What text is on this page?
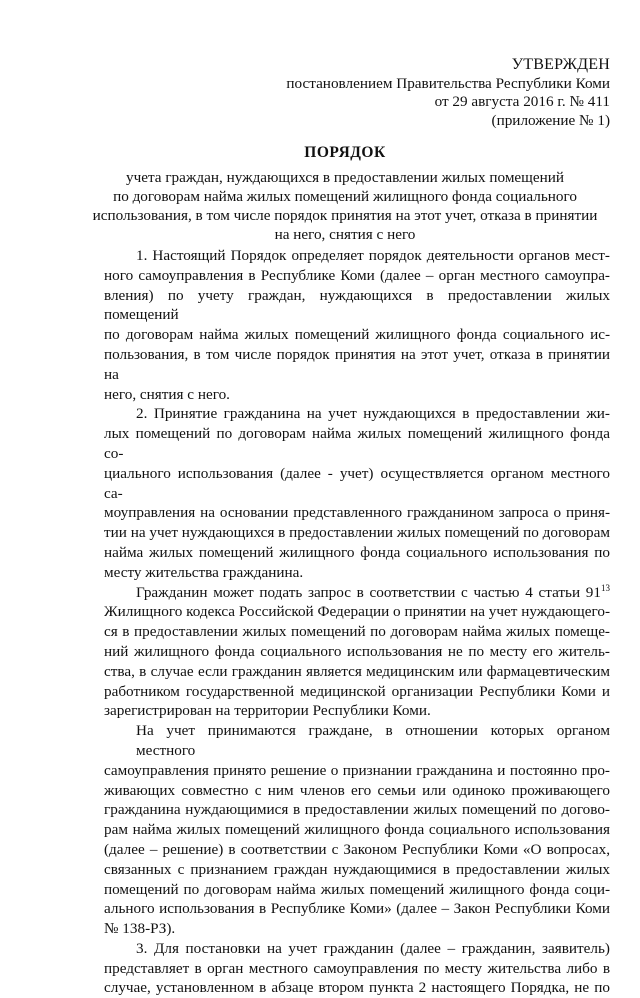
УТВЕРЖДЕН
постановлением Правительства Республики Коми
от 29 августа 2016 г. № 411
(приложение № 1)
ПОРЯДОК
учета граждан, нуждающихся в предоставлении жилых помещений
по договорам найма жилых помещений жилищного фонда социального
использования, в том числе порядок принятия на этот учет, отказа в принятии
на него, снятия с него
1. Настоящий Порядок определяет порядок деятельности органов мест-
ного самоуправления в Республике Коми (далее – орган местного самоупра-
вления) по учету граждан, нуждающихся в предоставлении жилых помещений
по договорам найма жилых помещений жилищного фонда социального ис-
пользования, в том числе порядок принятия на этот учет, отказа в принятии на
него, снятия с него.
2. Принятие гражданина на учет нуждающихся в предоставлении жи-
лых помещений по договорам найма жилых помещений жилищного фонда со-
циального использования (далее - учет) осуществляется органом местного са-
моуправления на основании представленного гражданином запроса о приня-
тии на учет нуждающихся в предоставлении жилых помещений по договорам
найма жилых помещений жилищного фонда социального использования по
месту жительства гражданина.
Гражданин может подать запрос в соответствии с частью 4 статьи $91^{13}$
Жилищного кодекса Российской Федерации о принятии на учет нуждающего-
ся в предоставлении жилых помещений по договорам найма жилых помеще-
ний жилищного фонда социального использования не по месту его житель-
ства, в случае если гражданин является медицинским или фармацевтическим
работником государственной медицинской организации Республики Коми и
зарегистрирован на территории Республики Коми.
На учет принимаются граждане, в отношении которых органом местного
самоуправления принято решение о признании гражданина и постоянно про-
живающих совместно с ним членов его семьи или одиноко проживающего
гражданина нуждающимися в предоставлении жилых помещений по догово-
рам найма жилых помещений жилищного фонда социального использования
(далее – решение) в соответствии с Законом Республики Коми «О вопросах,
связанных с признанием граждан нуждающимися в предоставлении жилых
помещений по договорам найма жилых помещений жилищного фонда соци-
ального использования в Республике Коми» (далее – Закон Республики Коми
№ 138-РЗ).
3. Для постановки на учет гражданин (далее – гражданин, заявитель)
представляет в орган местного самоуправления по месту жительства либо в
случае, установленном в абзаце втором пункта 2 настоящего Порядка, не по
